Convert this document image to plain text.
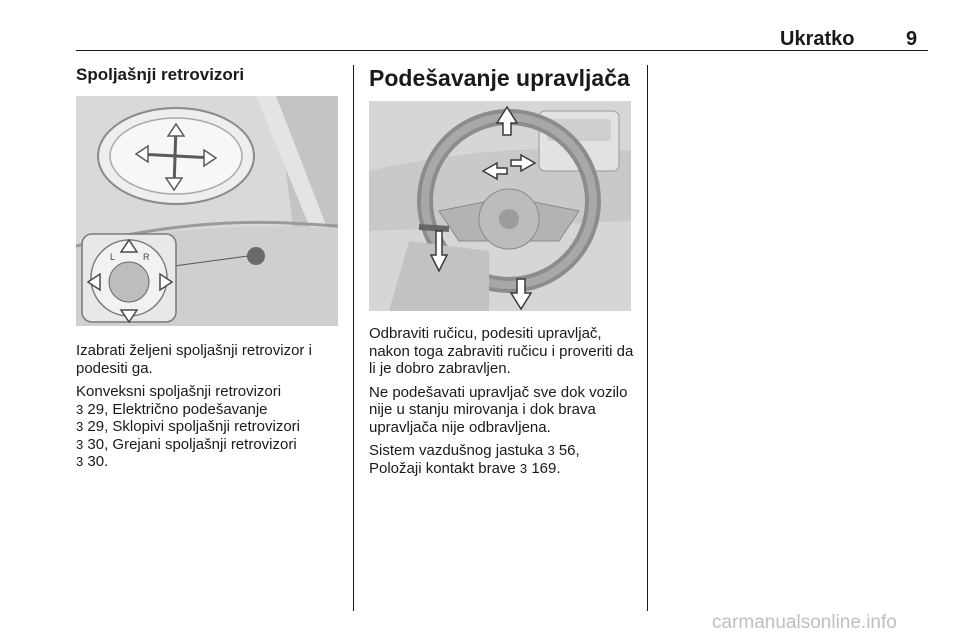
Ukratko	9
Spoljašnji retrovizori
L	R

Izabrati željeni spoljašnji retrovizor i podesiti ga.

Konveksni spoljašnji retrovizori
3 29, Električno podešavanje
3 29, Sklopivi spoljašnji retrovizori
3 30, Grejani spoljašnji retrovizori
3 30.

Podešavanje upravljača

Odbraviti ručicu, podesiti upravljač, nakon toga zabraviti ručicu i proveriti da li je dobro zabravljen.

Ne podešavati upravljač sve dok vozilo nije u stanju mirovanja i dok brava upravljača nije odbravljena.

Sistem vazdušnog jastuka 3 56,
Položaji kontakt brave 3 169.

carmanualsonline.info
